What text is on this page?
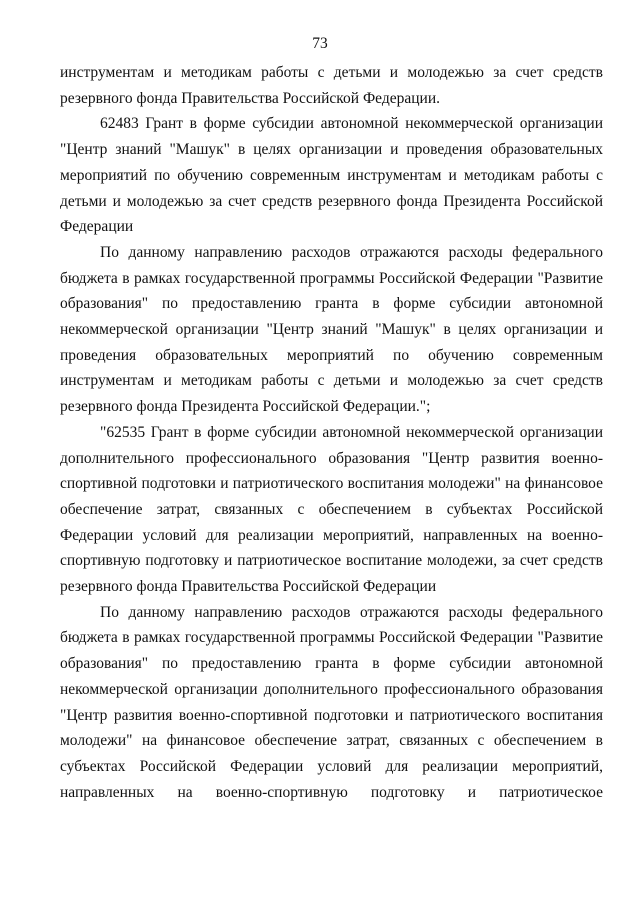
73

инструментам и методикам работы с детьми и молодежью за счет средств резервного фонда Правительства Российской Федерации.

62483 Грант в форме субсидии автономной некоммерческой организации "Центр знаний "Машук" в целях организации и проведения образовательных мероприятий по обучению современным инструментам и методикам работы с детьми и молодежью за счет средств резервного фонда Президента Российской Федерации

По данному направлению расходов отражаются расходы федерального бюджета в рамках государственной программы Российской Федерации "Развитие образования" по предоставлению гранта в форме субсидии автономной некоммерческой организации "Центр знаний "Машук" в целях организации и проведения образовательных мероприятий по обучению современным инструментам и методикам работы с детьми и молодежью за счет средств резервного фонда Президента Российской Федерации.";

"62535 Грант в форме субсидии автономной некоммерческой организации дополнительного профессионального образования "Центр развития военно-спортивной подготовки и патриотического воспитания молодежи" на финансовое обеспечение затрат, связанных с обеспечением в субъектах Российской Федерации условий для реализации мероприятий, направленных на военно-спортивную подготовку и патриотическое воспитание молодежи, за счет средств резервного фонда Правительства Российской Федерации

По данному направлению расходов отражаются расходы федерального бюджета в рамках государственной программы Российской Федерации "Развитие образования" по предоставлению гранта в форме субсидии автономной некоммерческой организации дополнительного профессионального образования "Центр развития военно-спортивной подготовки и патриотического воспитания молодежи" на финансовое обеспечение затрат, связанных с обеспечением в субъектах Российской Федерации условий для реализации мероприятий, направленных на военно-спортивную подготовку и патриотическое
